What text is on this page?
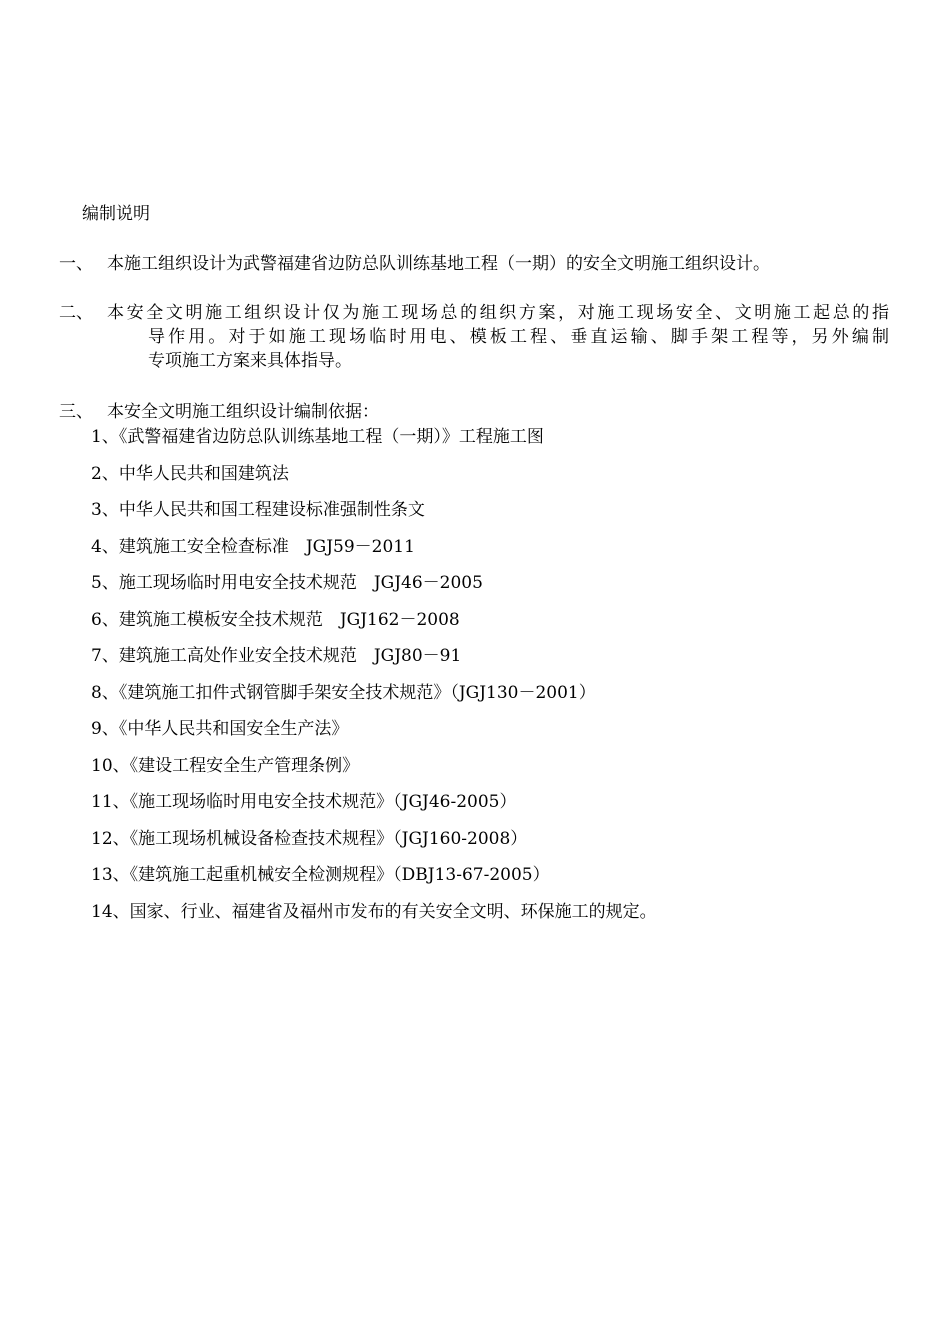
编制说明
一、 本施工组织设计为武警福建省边防总队训练基地工程（一期）的安全文明施工组织设计。
二、 本安全文明施工组织设计仅为施工现场总的组织方案，对施工现场安全、文明施工起总的指
导作用。对于如施工现场临时用电、模板工程、垂直运输、脚手架工程等，另外编制
专项施工方案来具体指导。
三、 本安全文明施工组织设计编制依据：
1、《武警福建省边防总队训练基地工程（一期）》工程施工图
2、中华人民共和国建筑法
3、中华人民共和国工程建设标准强制性条文
4、建筑施工安全检查标准　JGJ59－2011
5、施工现场临时用电安全技术规范　JGJ46－2005
6、建筑施工模板安全技术规范　JGJ162－2008
7、建筑施工高处作业安全技术规范　JGJ80－91
8、《建筑施工扣件式钢管脚手架安全技术规范》（JGJ130－2001）
9、《中华人民共和国安全生产法》
10、《建设工程安全生产管理条例》
11、《施工现场临时用电安全技术规范》（JGJ46-2005）
12、《施工现场机械设备检查技术规程》（JGJ160-2008）
13、《建筑施工起重机械安全检测规程》（DBJ13-67-2005）
14、国家、行业、福建省及福州市发布的有关安全文明、环保施工的规定。
